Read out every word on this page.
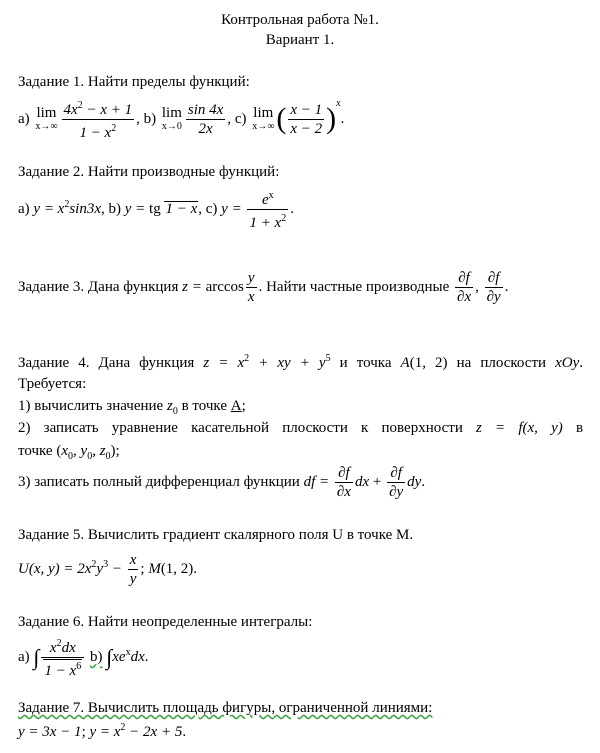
Контрольная работа №1.
Вариант 1.
Задание 1. Найти пределы функций:
a) lim
$x\to\infty \frac{4x^2 - x + 1}{1 - x^2}$ , b) lim
$x\to 0 \frac{\sin 4x}{2x}$ , c) lim
x→∞ ( $\frac{x - 1}{x - 2} )^x$.
Задание 2. Найти производные функций:
a) $y = x^2\sin 3x$, b) y = tg 1 − x, c) $y = \frac{e^x}{1 + x^2}$ .
Задание 3. Дана функция $z = \arccos \frac{y}{x}$ . Найти частные производные $\frac{\partial f}{\partial x}$ , $\frac{\partial f}{\partial y}$ .
Задание 4. Дана функция $z = x^2$ + xy + $y^5$ и точка A(1, 2) на плоскости xOy.
Требуется:
1) вычислить значение $z_0$ в точке A;
2) записать уравнение касательной плоскости к поверхности z = f(x, y) в
точке ($x_0$, $y_0$, $z_0$);
3) записать полный дифференциал функции df = $\frac{\partial f}{\partial x}$ dx + $\frac{\partial f}{\partial y}$ dy.
Задание 5. Вычислить градиент скалярного поля U в точке M.
U(x, $y) = 2x^2y^3 - \frac{x}{y}$ ; M(1, 2).
Задание 6. Найти неопределенные интегралы:
a) ∫ $\frac{x^2dx}{1 - x^6} b$) $\int xe^xdx$.
Задание 7. Вычислить площадь фигуры, ограниченной линиями:
y = 3x − 1; $y = x^2 - 2x + 5$.
